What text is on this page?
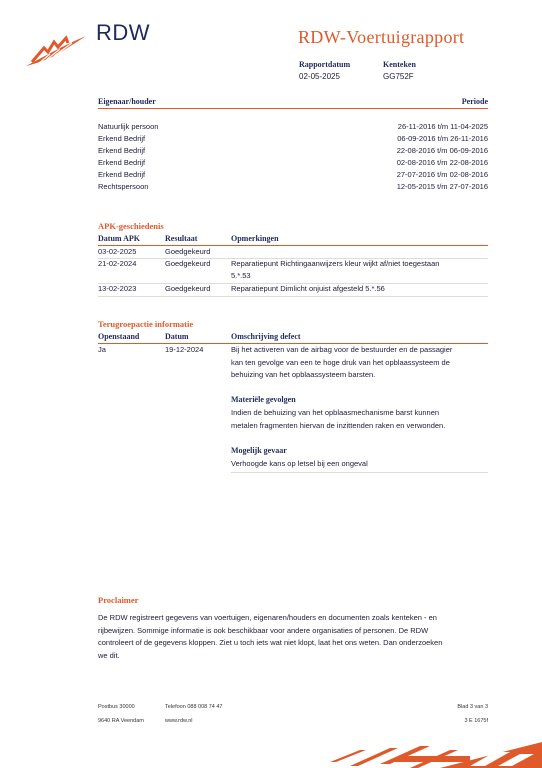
RDW	RDW-Voertuigrapport
Rapportdatum
02-05-2025
Kenteken
GG752F
Eigenaar/houder	Periode
Natuurlijk persoon	26-11-2016 t/m 11-04-2025
Erkend Bedrijf	06-09-2016 t/m 26-11-2016
Erkend Bedrijf	22-08-2016 t/m 06-09-2016
Erkend Bedrijf	02-08-2016 t/m 22-08-2016
Erkend Bedrijf	27-07-2016 t/m 02-08-2016
Rechtspersoon	12-05-2015 t/m 27-07-2016
APK-geschiedenis
Datum APK	Resultaat	Opmerkingen
03-02-2025	Goedgekeurd
21-02-2024	Goedgekeurd	Reparatiepunt Richtingaanwijzers kleur wijkt af/niet toegestaan
5.*.53
13-02-2023	Goedgekeurd	Reparatiepunt Dimlicht onjuist afgesteld 5.*.56
Terugroepactie informatie
Openstaand	Datum	Omschrijving defect
Ja	19-12-2024	Bij het activeren van de airbag voor de bestuurder en de passagier
kan ten gevolge van een te hoge druk van het opblaassysteem de
behuizing van het opblaassysteem barsten.
Materiële gevolgen
Indien de behuizing van het opblaasmechanisme barst kunnen
metalen fragmenten hiervan de inzittenden raken en verwonden.
Mogelijk gevaar
Verhoogde kans op letsel bij een ongeval
Proclaimer
De RDW registreert gegevens van voertuigen, eigenaren/houders en documenten zoals kenteken - en
rijbewijzen. Sommige informatie is ook beschikbaar voor andere organisaties of personen. De RDW
controleert of de gegevens kloppen. Ziet u toch iets wat niet klopt, laat het ons weten. Dan onderzoeken
we dit.
Postbus 30000
9640 RA Veendam
Telefoon 088 008 74 47
www.rdw.nl
Blad 3 van 3
3 E 1675f
